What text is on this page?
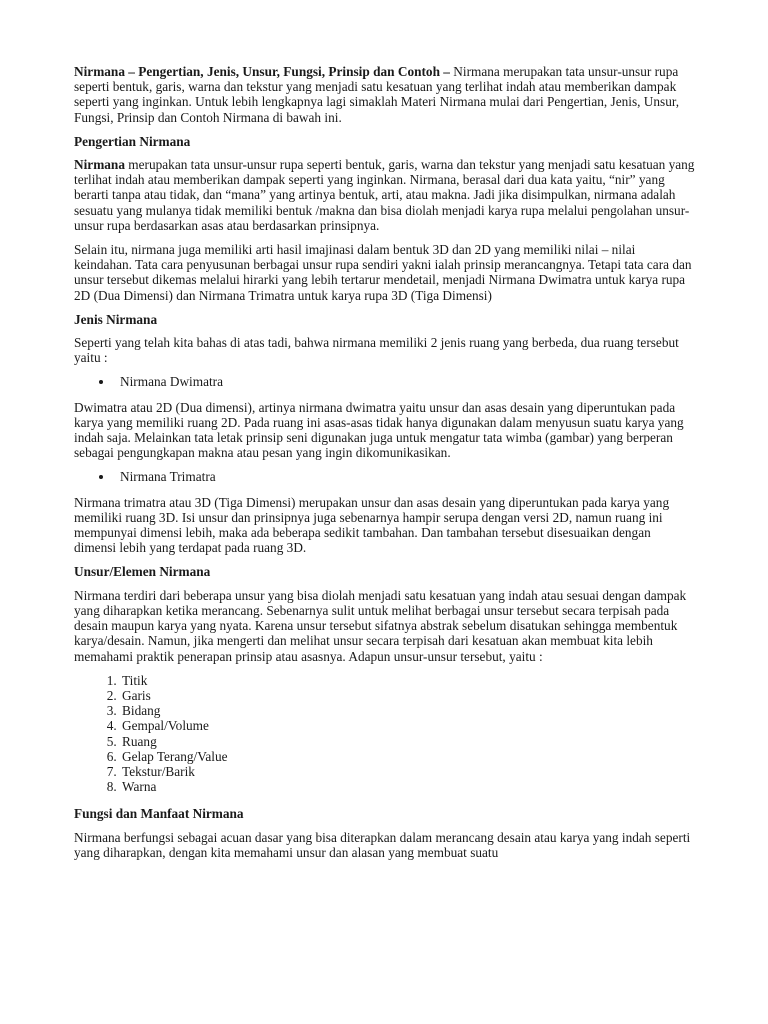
Nirmana – Pengertian, Jenis, Unsur, Fungsi, Prinsip dan Contoh – Nirmana merupakan tata unsur-unsur rupa seperti bentuk, garis, warna dan tekstur yang menjadi satu kesatuan yang terlihat indah atau memberikan dampak seperti yang inginkan. Untuk lebih lengkapnya lagi simaklah Materi Nirmana mulai dari Pengertian, Jenis, Unsur, Fungsi, Prinsip dan Contoh Nirmana di bawah ini.

Pengertian Nirmana

Nirmana merupakan tata unsur-unsur rupa seperti bentuk, garis, warna dan tekstur yang menjadi satu kesatuan yang terlihat indah atau memberikan dampak seperti yang inginkan. Nirmana, berasal dari dua kata yaitu, “nir” yang berarti tanpa atau tidak, dan “mana” yang artinya bentuk, arti, atau makna. Jadi jika disimpulkan, nirmana adalah sesuatu yang mulanya tidak memiliki bentuk /makna dan bisa diolah menjadi karya rupa melalui pengolahan unsur-unsur rupa berdasarkan asas atau berdasarkan prinsipnya.

Selain itu, nirmana juga memiliki arti hasil imajinasi dalam bentuk 3D dan 2D yang memiliki nilai – nilai keindahan. Tata cara penyusunan berbagai unsur rupa sendiri yakni ialah prinsip merancangnya. Tetapi tata cara dan unsur tersebut dikemas melalui hirarki yang lebih tertarur mendetail, menjadi Nirmana Dwimatra untuk karya rupa 2D (Dua Dimensi) dan Nirmana Trimatra untuk karya rupa 3D (Tiga Dimensi)

Jenis Nirmana

Seperti yang telah kita bahas di atas tadi, bahwa nirmana memiliki 2 jenis ruang yang berbeda, dua ruang tersebut yaitu :

Nirmana Dwimatra

Dwimatra atau 2D (Dua dimensi), artinya nirmana dwimatra yaitu unsur dan asas desain yang diperuntukan pada karya yang memiliki ruang 2D. Pada ruang ini asas-asas tidak hanya digunakan dalam menyusun suatu karya yang indah saja. Melainkan tata letak prinsip seni digunakan juga untuk mengatur tata wimba (gambar) yang berperan sebagai pengungkapan makna atau pesan yang ingin dikomunikasikan.

Nirmana Trimatra

Nirmana trimatra atau 3D (Tiga Dimensi) merupakan unsur dan asas desain yang diperuntukan pada karya yang memiliki ruang 3D. Isi unsur dan prinsipnya juga sebenarnya hampir serupa dengan versi 2D, namun ruang ini mempunyai dimensi lebih, maka ada beberapa sedikit tambahan. Dan tambahan tersebut disesuaikan dengan dimensi lebih yang terdapat pada ruang 3D.

Unsur/Elemen Nirmana

Nirmana terdiri dari beberapa unsur yang bisa diolah menjadi satu kesatuan yang indah atau sesuai dengan dampak yang diharapkan ketika merancang. Sebenarnya sulit untuk melihat berbagai unsur tersebut secara terpisah pada desain maupun karya yang nyata. Karena unsur tersebut sifatnya abstrak sebelum disatukan sehingga membentuk karya/desain. Namun, jika mengerti dan melihat unsur secara terpisah dari kesatuan akan membuat kita lebih memahami praktik penerapan prinsip atau asasnya. Adapun unsur-unsur tersebut, yaitu :

1. Titik
2. Garis
3. Bidang
4. Gempal/Volume
5. Ruang
6. Gelap Terang/Value
7. Tekstur/Barik
8. Warna
Fungsi dan Manfaat Nirmana

Nirmana berfungsi sebagai acuan dasar yang bisa diterapkan dalam merancang desain atau karya yang indah seperti yang diharapkan, dengan kita memahami unsur dan alasan yang membuat suatu
